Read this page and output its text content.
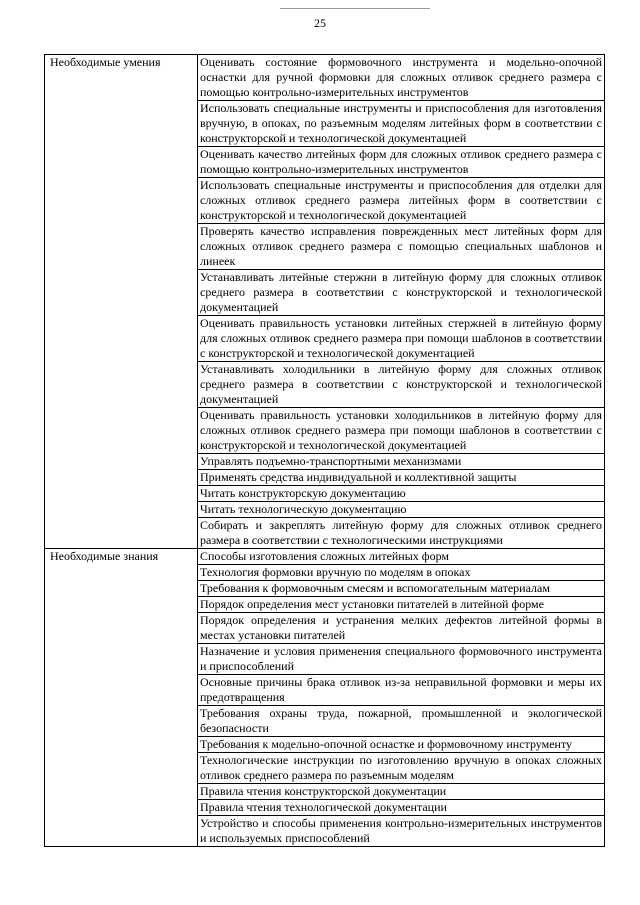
25
Необходимые умения	Оценивать состояние формовочного инструмента и модельно-опочной оснастки для ручной формовки для сложных отливок среднего размера с помощью контрольно-измерительных инструментов
	Использовать специальные инструменты и приспособления для изготовления вручную, в опоках, по разъемным моделям литейных форм в соответствии с конструкторской и технологической документацией
	Оценивать качество литейных форм для сложных отливок среднего размера с помощью контрольно-измерительных инструментов
	Использовать специальные инструменты и приспособления для отделки для сложных отливок среднего размера литейных форм в соответствии с конструкторской и технологической документацией
	Проверять качество исправления поврежденных мест литейных форм для сложных отливок среднего размера с помощью специальных шаблонов и линеек
	Устанавливать литейные стержни в литейную форму для сложных отливок среднего размера в соответствии с конструкторской и технологической документацией
	Оценивать правильность установки литейных стержней в литейную форму для сложных отливок среднего размера при помощи шаблонов в соответствии с конструкторской и технологической документацией
	Устанавливать холодильники в литейную форму для сложных отливок среднего размера в соответствии с конструкторской и технологической документацией
	Оценивать правильность установки холодильников в литейную форму для сложных отливок среднего размера при помощи шаблонов в соответствии с конструкторской и технологической документацией
	Управлять подъемно-транспортными механизмами
	Применять средства индивидуальной и коллективной защиты
	Читать конструкторскую документацию
	Читать технологическую документацию
	Собирать и закреплять литейную форму для сложных отливок среднего размера в соответствии с технологическими инструкциями
Необходимые знания	Способы изготовления сложных литейных форм
	Технология формовки вручную по моделям в опоках
	Требования к формовочным смесям и вспомогательным материалам
	Порядок определения мест установки питателей в литейной форме
	Порядок определения и устранения мелких дефектов литейной формы в местах установки питателей
	Назначение и условия применения специального формовочного инструмента и приспособлений
	Основные причины брака отливок из-за неправильной формовки и меры их предотвращения
	Требования охраны труда, пожарной, промышленной и экологической безопасности
	Требования к модельно-опочной оснастке и формовочному инструменту
	Технологические инструкции по изготовлению вручную в опоках сложных отливок среднего размера по разъемным моделям
	Правила чтения конструкторской документации
	Правила чтения технологической документации
	Устройство и способы применения контрольно-измерительных инструментов и используемых приспособлений
